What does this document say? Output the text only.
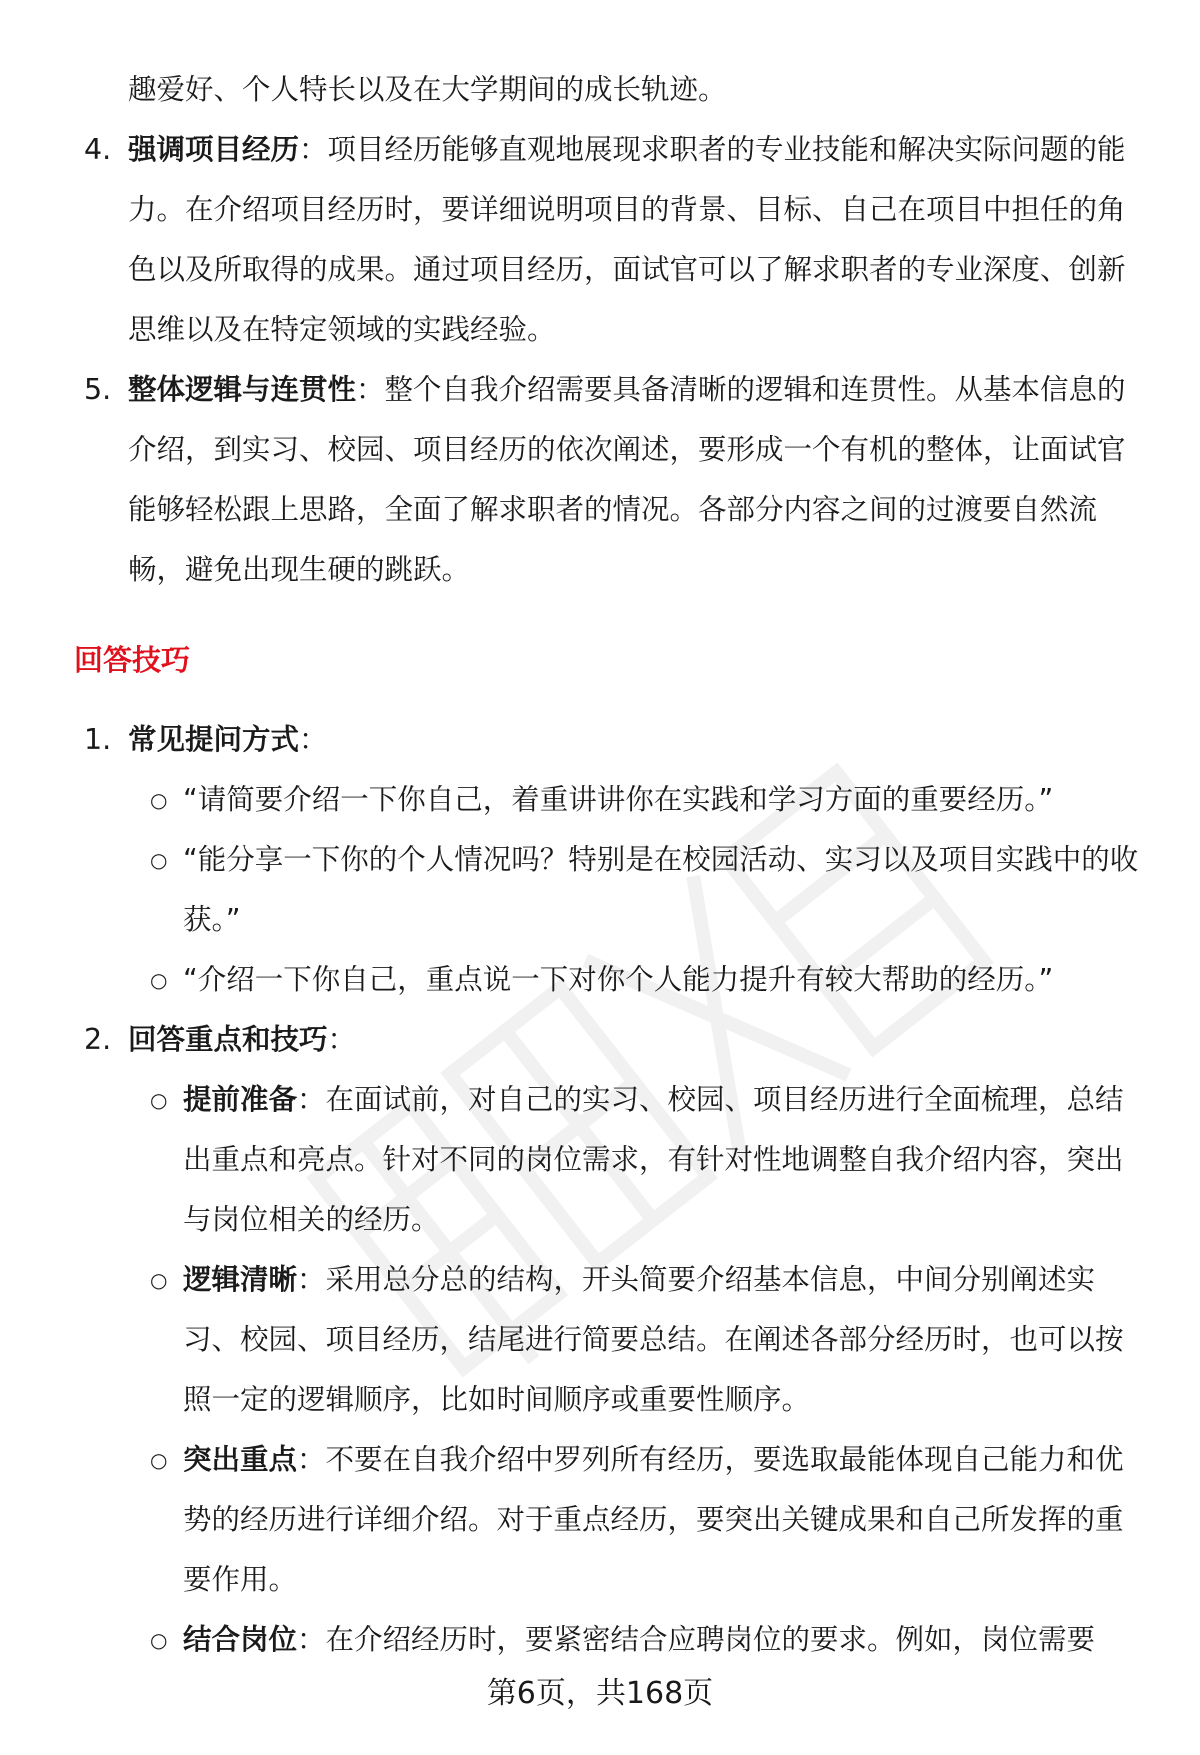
趣爱好、个人特长以及在大学期间的成长轨迹。

4. 强调项目经历：项目经历能够直观地展现求职者的专业技能和解决实际问题的能力。在介绍项目经历时，要详细说明项目的背景、目标、自己在项目中担任的角色以及所取得的成果。通过项目经历，面试官可以了解求职者的专业深度、创新思维以及在特定领域的实践经验。
5. 整体逻辑与连贯性：整个自我介绍需要具备清晰的逻辑和连贯性。从基本信息的介绍，到实习、校园、项目经历的依次阐述，要形成一个有机的整体，让面试官能够轻松跟上思路，全面了解求职者的情况。各部分内容之间的过渡要自然流畅，避免出现生硬的跳跃。
回答技巧
1. 常见提问方式：
○ “请简要介绍一下你自己，着重讲讲你在实践和学习方面的重要经历。”
○ “能分享一下你的个人情况吗？特别是在校园活动、实习以及项目实践中的收获。”
○ “介绍一下你自己，重点说一下对你个人能力提升有较大帮助的经历。”
2. 回答重点和技巧：
○ 提前准备：在面试前，对自己的实习、校园、项目经历进行全面梳理，总结出重点和亮点。针对不同的岗位需求，有针对性地调整自我介绍内容，突出与岗位相关的经历。
○ 逻辑清晰：采用总分总的结构，开头简要介绍基本信息，中间分别阐述实习、校园、项目经历，结尾进行简要总结。在阐述各部分经历时，也可以按照一定的逻辑顺序，比如时间顺序或重要性顺序。
○ 突出重点：不要在自我介绍中罗列所有经历，要选取最能体现自己能力和优势的经历进行详细介绍。对于重点经历，要突出关键成果和自己所发挥的重要作用。
○ 结合岗位：在介绍经历时，要紧密结合应聘岗位的要求。例如，岗位需要
第6页，共168页
